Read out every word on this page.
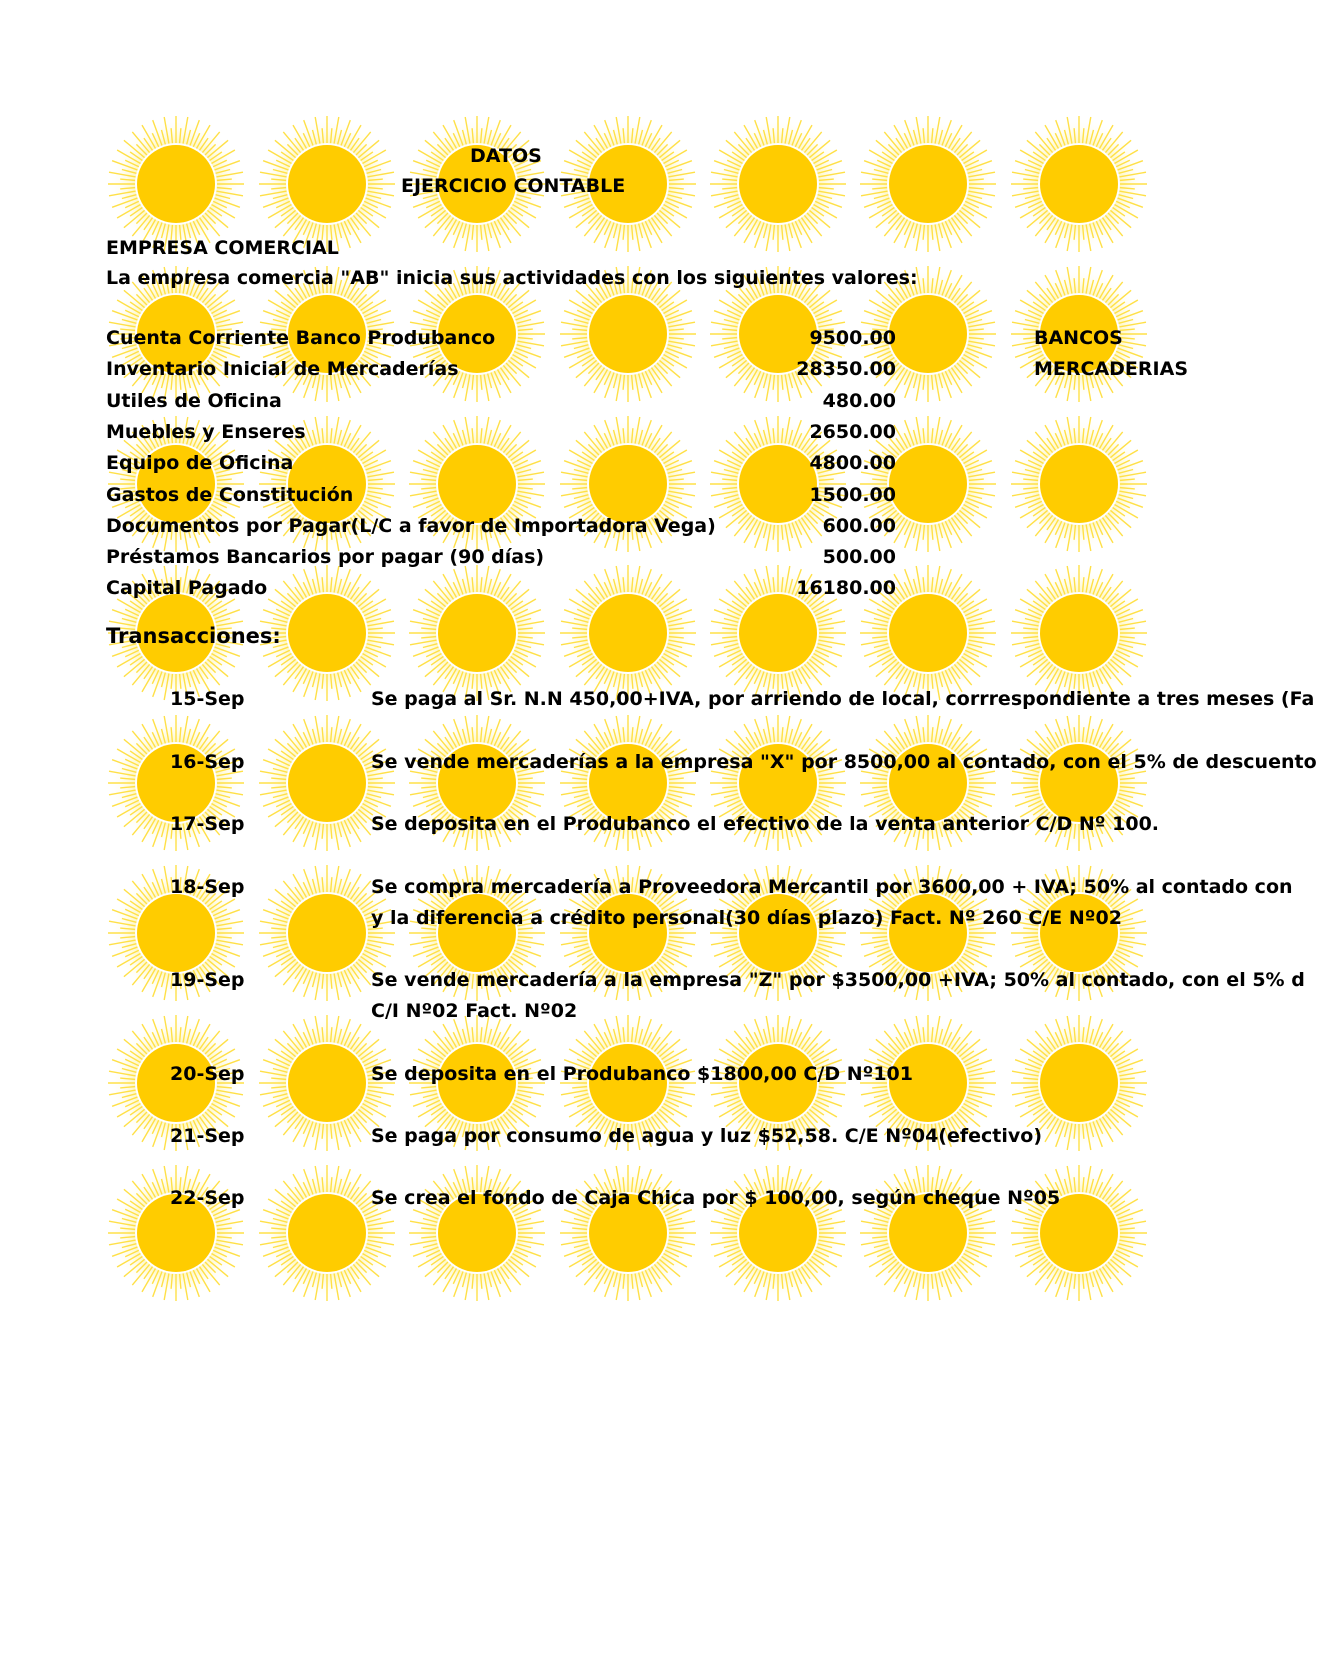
DATOS
EJERCICIO CONTABLE
EMPRESA COMERCIAL
La empresa comercia "AB" inicia sus actividades con los siguientes valores:
Cuenta Corriente Banco Produbanco	9500.00	BANCOS
Inventario Inicial de Mercaderías	28350.00	MERCADERIAS
Utiles de Oficina	480.00
Muebles y Enseres	2650.00
Equipo de Oficina	4800.00
Gastos de Constitución	1500.00
Documentos por Pagar(L/C a favor de Importadora Vega)	600.00
Préstamos Bancarios por pagar (90 días)	500.00
Capital Pagado	16180.00
Transacciones:
15-Sep	Se paga al Sr. N.N 450,00+IVA, por arriendo de local, corrrespondiente a tres meses (Fa
16-Sep	Se vende mercaderías a la empresa "X" por 8500,00 al contado, con el 5% de descuento
17-Sep	Se deposita en el Produbanco el efectivo de la venta anterior C/D Nº 100.
18-Sep	Se compra mercadería a Proveedora Mercantil por 3600,00 + IVA; 50% al contado con
y la diferencia a crédito personal(30 días plazo) Fact. Nº 260 C/E Nº02
19-Sep	Se vende mercadería a la empresa "Z" por $3500,00 +IVA; 50% al contado, con el 5% d
C/I Nº02 Fact. Nº02
20-Sep	Se deposita en el Produbanco $1800,00 C/D Nº101
21-Sep	Se paga por consumo de agua y luz $52,58. C/E Nº04(efectivo)
22-Sep	Se crea el fondo de Caja Chica por $ 100,00, según cheque Nº05
